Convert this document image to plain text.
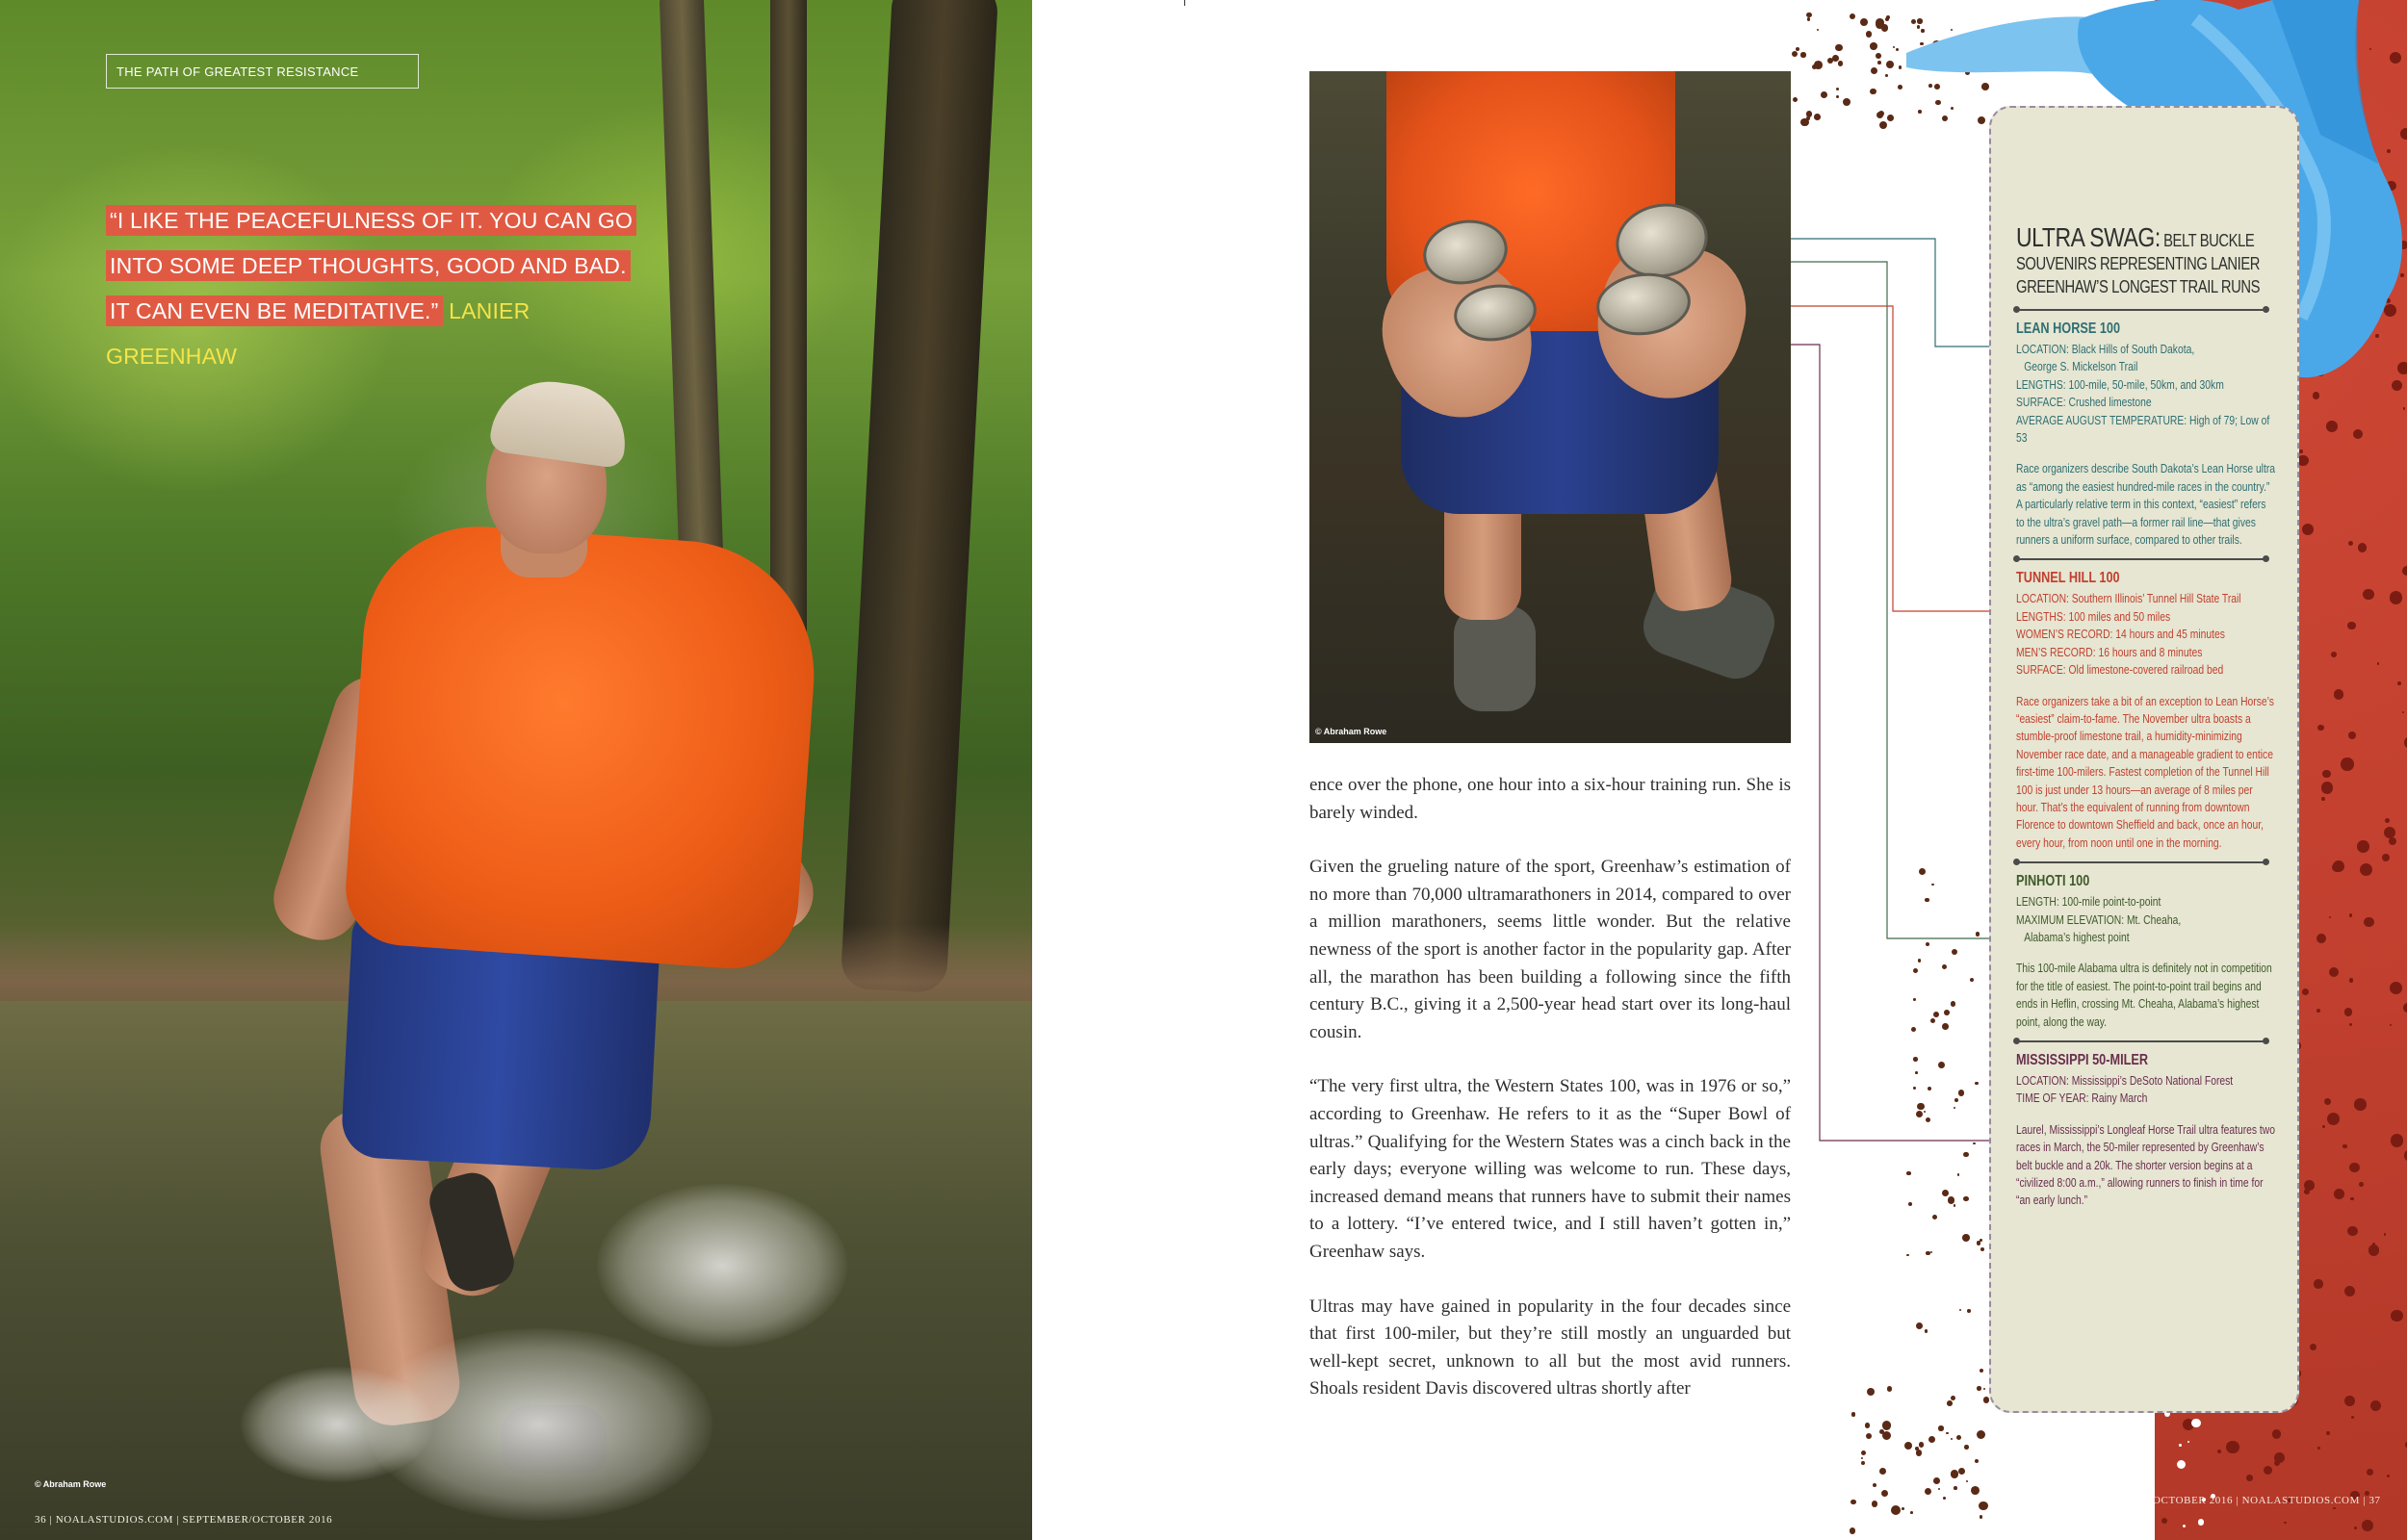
THE PATH OF GREATEST RESISTANCE
“I LIKE THE PEACEFULNESS OF IT. YOU CAN GO INTO SOME DEEP THOUGHTS, GOOD AND BAD. IT CAN EVEN BE MEDITATIVE.” LANIER GREENHAW
© Abraham Rowe
36 | NOALASTUDIOS.COM | SEPTEMBER/OCTOBER 2016
© Abraham Rowe

ence over the phone, one hour into a six-hour training run. She is barely winded.

Given the grueling nature of the sport, Greenhaw’s estimation of no more than 70,000 ultramarathoners in 2014, compared to over a million marathoners, seems little wonder. But the relative newness of the sport is another factor in the popularity gap. After all, the marathon has been building a following since the fifth century B.C., giving it a 2,500-year head start over its long-haul cousin.

“The very first ultra, the Western States 100, was in 1976 or so,” according to Greenhaw. He refers to it as the “Super Bowl of ultras.” Qualifying for the Western States was a cinch back in the early days; everyone willing was welcome to run. These days, increased demand means that runners have to submit their names to a lottery. “I’ve entered twice, and I still haven’t gotten in,” Greenhaw says.

Ultras may have gained in popularity in the four decades since that first 100-miler, but they’re still mostly an unguarded but well-kept secret, unknown to all but the most avid runners. Shoals resident Davis discovered ultras shortly after

ULTRA SWAG: BELT BUCKLE SOUVENIRS REPRESENTING LANIER GREENHAW’S LONGEST TRAIL RUNS
LEAN HORSE 100
LOCATION: Black Hills of South Dakota,
George S. Mickelson Trail
LENGTHS: 100-mile, 50-mile, 50km, and 30km
SURFACE: Crushed limestone
AVERAGE AUGUST TEMPERATURE: High of 79; Low of 53
Race organizers describe South Dakota’s Lean Horse ultra as “among the easiest hundred-mile races in the country.” A particularly relative term in this context, “easiest” refers to the ultra’s gravel path—a former rail line—that gives runners a uniform surface, compared to other trails.
TUNNEL HILL 100
LOCATION: Southern Illinois’ Tunnel Hill State Trail
LENGTHS: 100 miles and 50 miles
WOMEN’S RECORD: 14 hours and 45 minutes
MEN’S RECORD: 16 hours and 8 minutes
SURFACE: Old limestone-covered railroad bed
Race organizers take a bit of an exception to Lean Horse’s “easiest” claim-to-fame. The November ultra boasts a stumble-proof limestone trail, a humidity-minimizing November race date, and a manageable gradient to entice first-time 100-milers. Fastest completion of the Tunnel Hill 100 is just under 13 hours—an average of 8 miles per hour. That’s the equivalent of running from downtown Florence to downtown Sheffield and back, once an hour, every hour, from noon until one in the morning.
PINHOTI 100
LENGTH: 100-mile point-to-point
MAXIMUM ELEVATION: Mt. Cheaha,
Alabama’s highest point
This 100-mile Alabama ultra is definitely not in competition for the title of easiest. The point-to-point trail begins and ends in Heflin, crossing Mt. Cheaha, Alabama’s highest point, along the way.
MISSISSIPPI 50-MILER
LOCATION: Mississippi’s DeSoto National Forest
TIME OF YEAR: Rainy March
Laurel, Mississippi’s Longleaf Horse Trail ultra features two races in March, the 50-miler represented by Greenhaw’s belt buckle and a 20k. The shorter version begins at a “civilized 8:00 a.m.,” allowing runners to finish in time for “an early lunch.”
OCTOBER 2016 | NOALASTUDIOS.COM | 37
